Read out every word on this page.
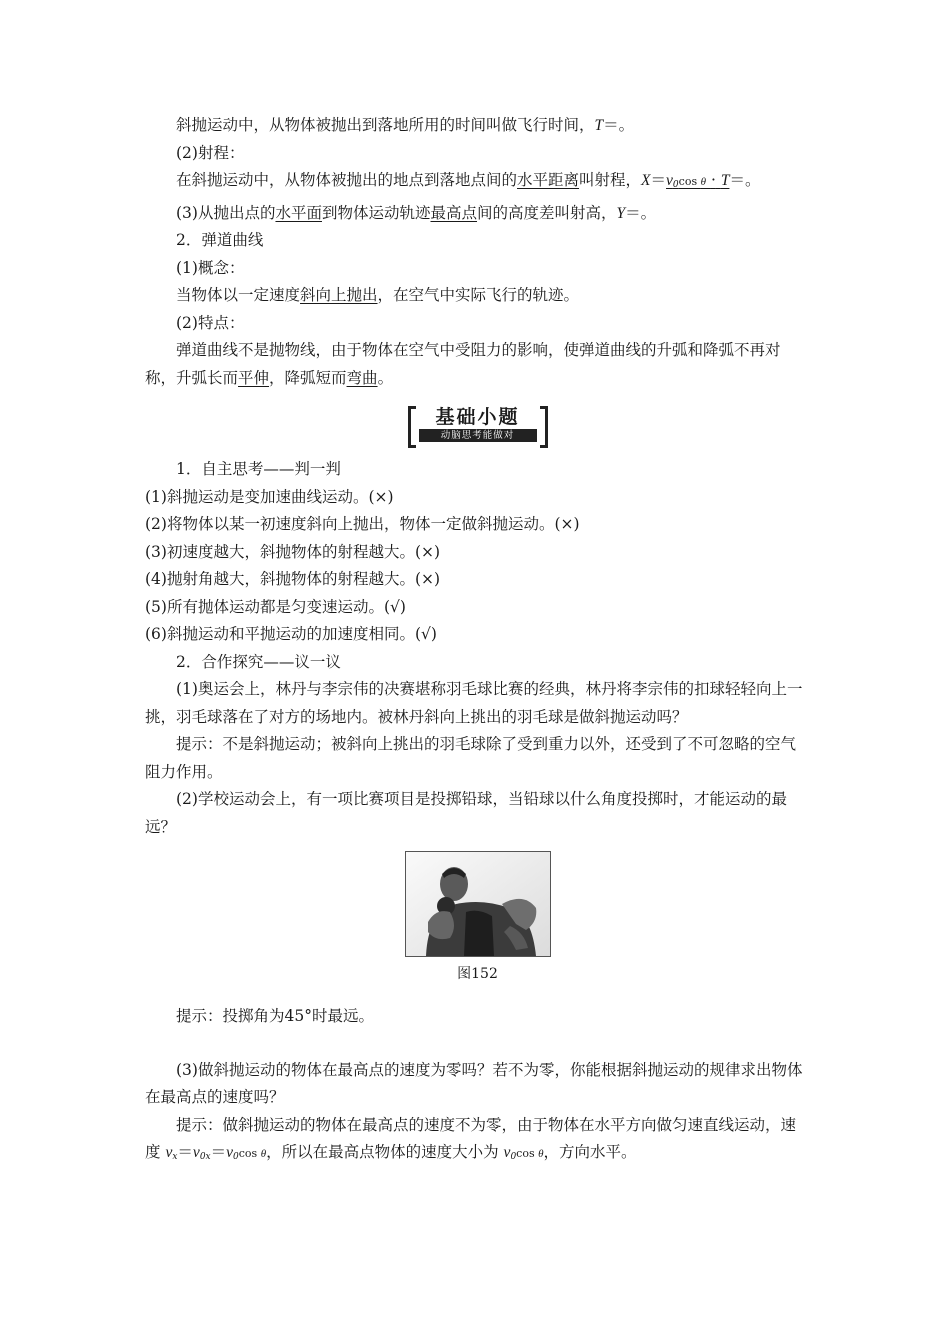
斜抛运动中，从物体被抛出到落地所用的时间叫做飞行时间，T＝。

(2)射程：

在斜抛运动中，从物体被抛出的地点到落地点间的水平距离叫射程，$X=v_0\cos$ θ · T＝。

(3)从抛出点的水平面到物体运动轨迹最高点间的高度差叫射高，Y＝。

2．弹道曲线

(1)概念：

当物体以一定速度斜向上抛出，在空气中实际飞行的轨迹。

(2)特点：

弹道曲线不是抛物线，由于物体在空气中受阻力的影响，使弹道曲线的升弧和降弧不再对称，升弧长而平伸，降弧短而弯曲。

基础小题
动脑思考能做对

1．自主思考——判一判

(1)斜抛运动是变加速曲线运动。(×)

(2)将物体以某一初速度斜向上抛出，物体一定做斜抛运动。(×)

(3)初速度越大，斜抛物体的射程越大。(×)

(4)抛射角越大，斜抛物体的射程越大。(×)

(5)所有抛体运动都是匀变速运动。(√)

(6)斜抛运动和平抛运动的加速度相同。(√)

2．合作探究——议一议

(1)奥运会上，林丹与李宗伟的决赛堪称羽毛球比赛的经典，林丹将李宗伟的扣球轻轻向上一挑，羽毛球落在了对方的场地内。被林丹斜向上挑出的羽毛球是做斜抛运动吗？

提示：不是斜抛运动；被斜向上挑出的羽毛球除了受到重力以外，还受到了不可忽略的空气阻力作用。

(2)学校运动会上，有一项比赛项目是投掷铅球，当铅球以什么角度投掷时，才能运动的最远？

图152

提示：投掷角为45°时最远。

(3)做斜抛运动的物体在最高点的速度为零吗？若不为零，你能根据斜抛运动的规律求出物体在最高点的速度吗？

提示：做斜抛运动的物体在最高点的速度不为零，由于物体在水平方向做匀速直线运动，速度 $v_x=v_{0x}=v_0\cos$ θ，所以在最高点物体的速度大小为 $v_0\cos$ θ，方向水平。
